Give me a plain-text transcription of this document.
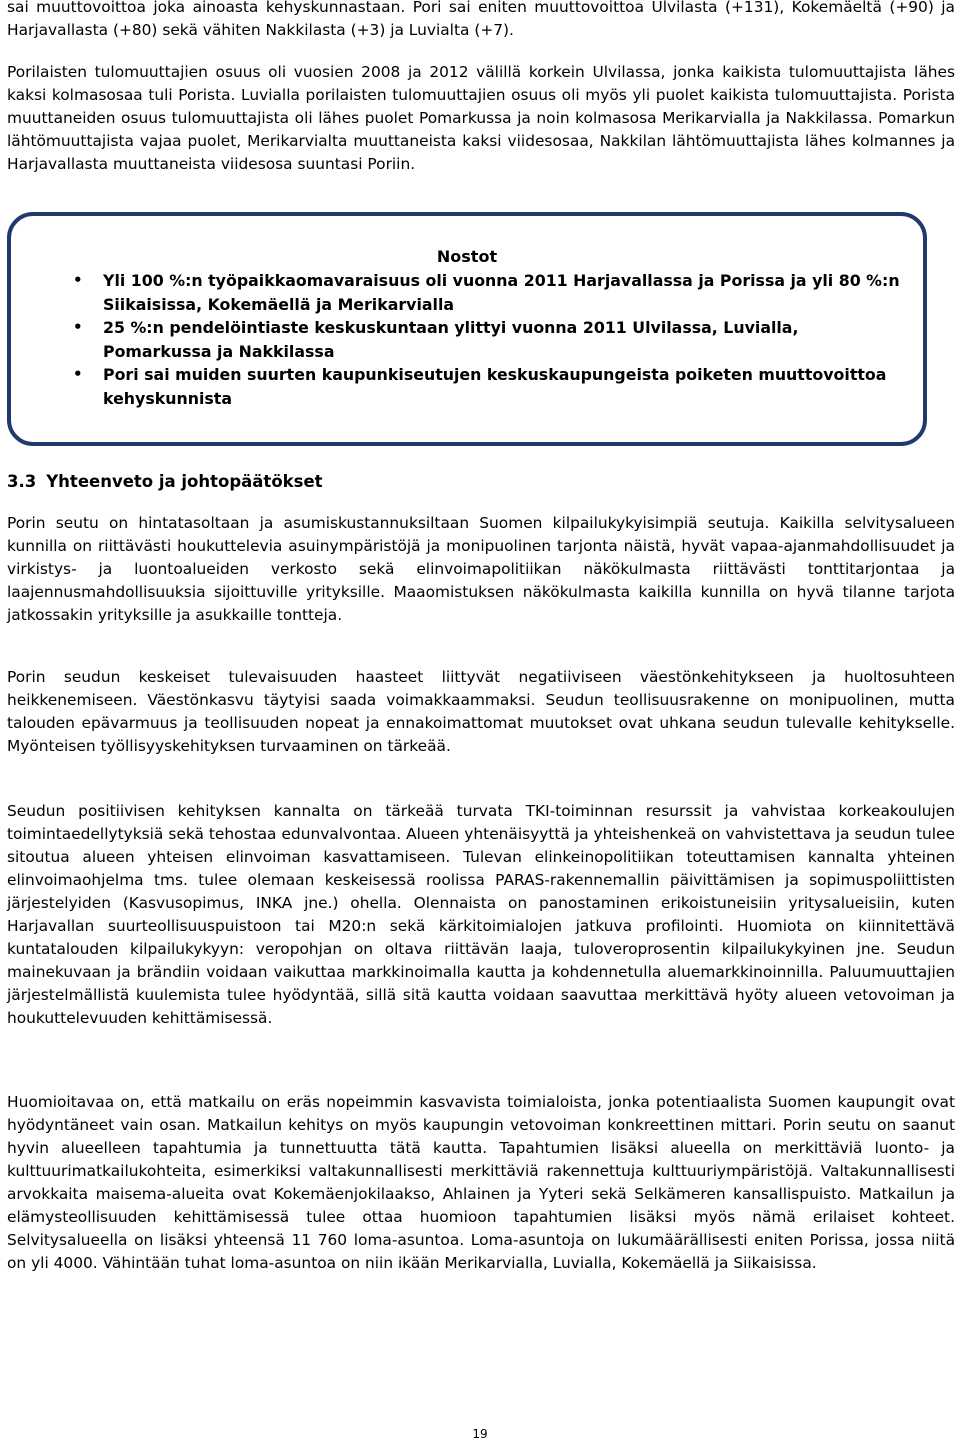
sai muuttovoittoa joka ainoasta kehyskunnastaan. Pori sai eniten muuttovoittoa Ulvilasta (+131), Kokemäeltä (+90) ja Harjavallasta (+80) sekä vähiten Nakkilasta (+3) ja Luvialta (+7).

Porilaisten tulomuuttajien osuus oli vuosien 2008 ja 2012 välillä korkein Ulvilassa, jonka kaikista tulomuuttajista lähes kaksi kolmasosaa tuli Porista. Luvialla porilaisten tulomuuttajien osuus oli myös yli puolet kaikista tulomuuttajista. Porista muuttaneiden osuus tulomuuttajista oli lähes puolet Pomarkussa ja noin kolmasosa Merikarvialla ja Nakkilassa. Pomarkun lähtömuuttajista vajaa puolet, Merikarvialta muuttaneista kaksi viidesosaa, Nakkilan lähtömuuttajista lähes kolmannes ja Harjavallasta muuttaneista viidesosa suuntasi Poriin.

Nostot
• Yli 100 %:n työpaikkaomavaraisuus oli vuonna 2011 Harjavallassa ja Porissa ja yli 80 %:n Siikaisissa, Kokemäellä ja Merikarvialla
• 25 %:n pendelöintiaste keskuskuntaan ylittyi vuonna 2011 Ulvilassa, Luvialla, Pomarkussa ja Nakkilassa
• Pori sai muiden suurten kaupunkiseutujen keskuskaupungeista poiketen muuttovoittoa kehyskunnista
3.3 Yhteenveto ja johtopäätökset

Porin seutu on hintatasoltaan ja asumiskustannuksiltaan Suomen kilpailukykyisimpiä seutuja. Kaikilla selvitysalueen kunnilla on riittävästi houkuttelevia asuinympäristöjä ja monipuolinen tarjonta näistä, hyvät vapaa-ajanmahdollisuudet ja virkistys- ja luontoalueiden verkosto sekä elinvoimapolitiikan näkökulmasta riittävästi tonttitarjontaa ja laajennusmahdollisuuksia sijoittuville yrityksille. Maaomistuksen näkökulmasta kaikilla kunnilla on hyvä tilanne tarjota jatkossakin yrityksille ja asukkaille tontteja.

Porin seudun keskeiset tulevaisuuden haasteet liittyvät negatiiviseen väestönkehitykseen ja huoltosuhteen heikkenemiseen. Väestönkasvu täytyisi saada voimakkaammaksi. Seudun teollisuusrakenne on monipuolinen, mutta talouden epävarmuus ja teollisuuden nopeat ja ennakoimattomat muutokset ovat uhkana seudun tulevalle kehitykselle. Myönteisen työllisyyskehityksen turvaaminen on tärkeää.

Seudun positiivisen kehityksen kannalta on tärkeää turvata TKI-toiminnan resurssit ja vahvistaa korkeakoulujen toimintaedellytyksiä sekä tehostaa edunvalvontaa. Alueen yhtenäisyyttä ja yhteishenkeä on vahvistettava ja seudun tulee sitoutua alueen yhteisen elinvoiman kasvattamiseen. Tulevan elinkeinopolitiikan toteuttamisen kannalta yhteinen elinvoimaohjelma tms. tulee olemaan keskeisessä roolissa PARAS-rakennemallin päivittämisen ja sopimuspoliittisten järjestelyiden (Kasvusopimus, INKA jne.) ohella. Olennaista on panostaminen erikoistuneisiin yritysalueisiin, kuten Harjavallan suurteollisuuspuistoon tai M20:n sekä kärkitoimialojen jatkuva profilointi. Huomiota on kiinnitettävä kuntatalouden kilpailukykyyn: veropohjan on oltava riittävän laaja, tuloveroprosentin kilpailukykyinen jne. Seudun mainekuvaan ja brändiin voidaan vaikuttaa markkinoimalla kautta ja kohdennetulla aluemarkkinoinnilla. Paluumuuttajien järjestelmällistä kuulemista tulee hyödyntää, sillä sitä kautta voidaan saavuttaa merkittävä hyöty alueen vetovoiman ja houkuttelevuuden kehittämisessä.

Huomioitavaa on, että matkailu on eräs nopeimmin kasvavista toimialoista, jonka potentiaalista Suomen kaupungit ovat hyödyntäneet vain osan. Matkailun kehitys on myös kaupungin vetovoiman konkreettinen mittari. Porin seutu on saanut hyvin alueelleen tapahtumia ja tunnettuutta tätä kautta. Tapahtumien lisäksi alueella on merkittäviä luonto- ja kulttuurimatkailukohteita, esimerkiksi valtakunnallisesti merkittäviä rakennettuja kulttuuriympäristöjä. Valtakunnallisesti arvokkaita maisema-alueita ovat Kokemäenjokilaakso, Ahlainen ja Yyteri sekä Selkämeren kansallispuisto. Matkailun ja elämysteollisuuden kehittämisessä tulee ottaa huomioon tapahtumien lisäksi myös nämä erilaiset kohteet. Selvitysalueella on lisäksi yhteensä 11 760 loma-asuntoa. Loma-asuntoja on lukumäärällisesti eniten Porissa, jossa niitä on yli 4000. Vähintään tuhat loma-asuntoa on niin ikään Merikarvialla, Luvialla, Kokemäellä ja Siikaisissa.

19
